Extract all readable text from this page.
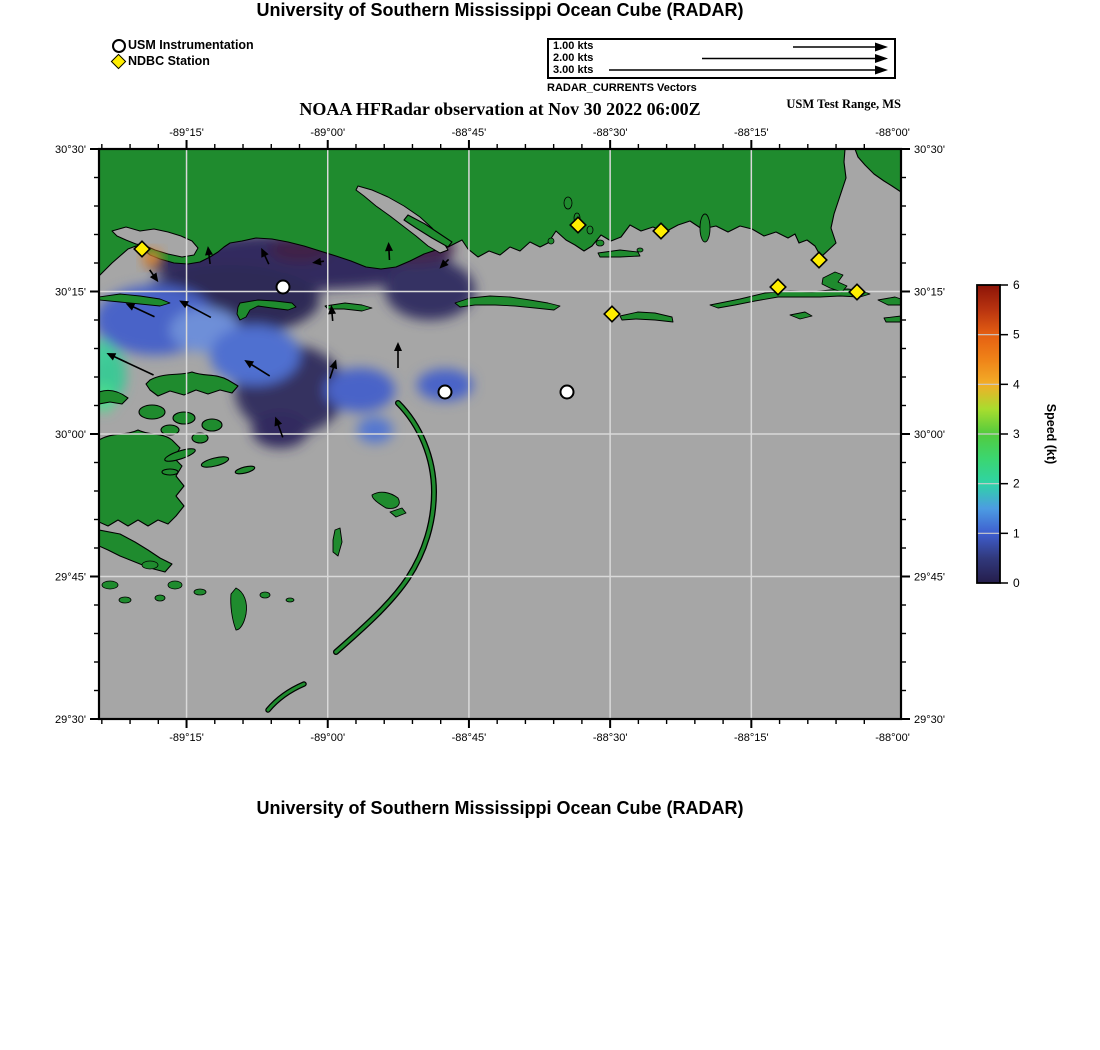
-89°15'
-89°15'
-89°00'
-89°00'
-88°45'
-88°45'
-88°30'
-88°30'
-88°15'
-88°15'
-88°00'
-88°00'
30°30'	30°30'
30°15'	30°15'
30°00'	30°00'
29°45'	29°45'
29°30'	29°30'
0
1
2
3
4
5
6
Speed (kt)
University of Southern Mississippi Ocean Cube (RADAR)
USM Instrumentation
NDBC Station
1.00 kts
2.00 kts
3.00 kts
RADAR_CURRENTS Vectors
NOAA HFRadar observation at Nov 30 2022 06:00Z	USM Test Range, MS
University of Southern Mississippi Ocean Cube (RADAR)
